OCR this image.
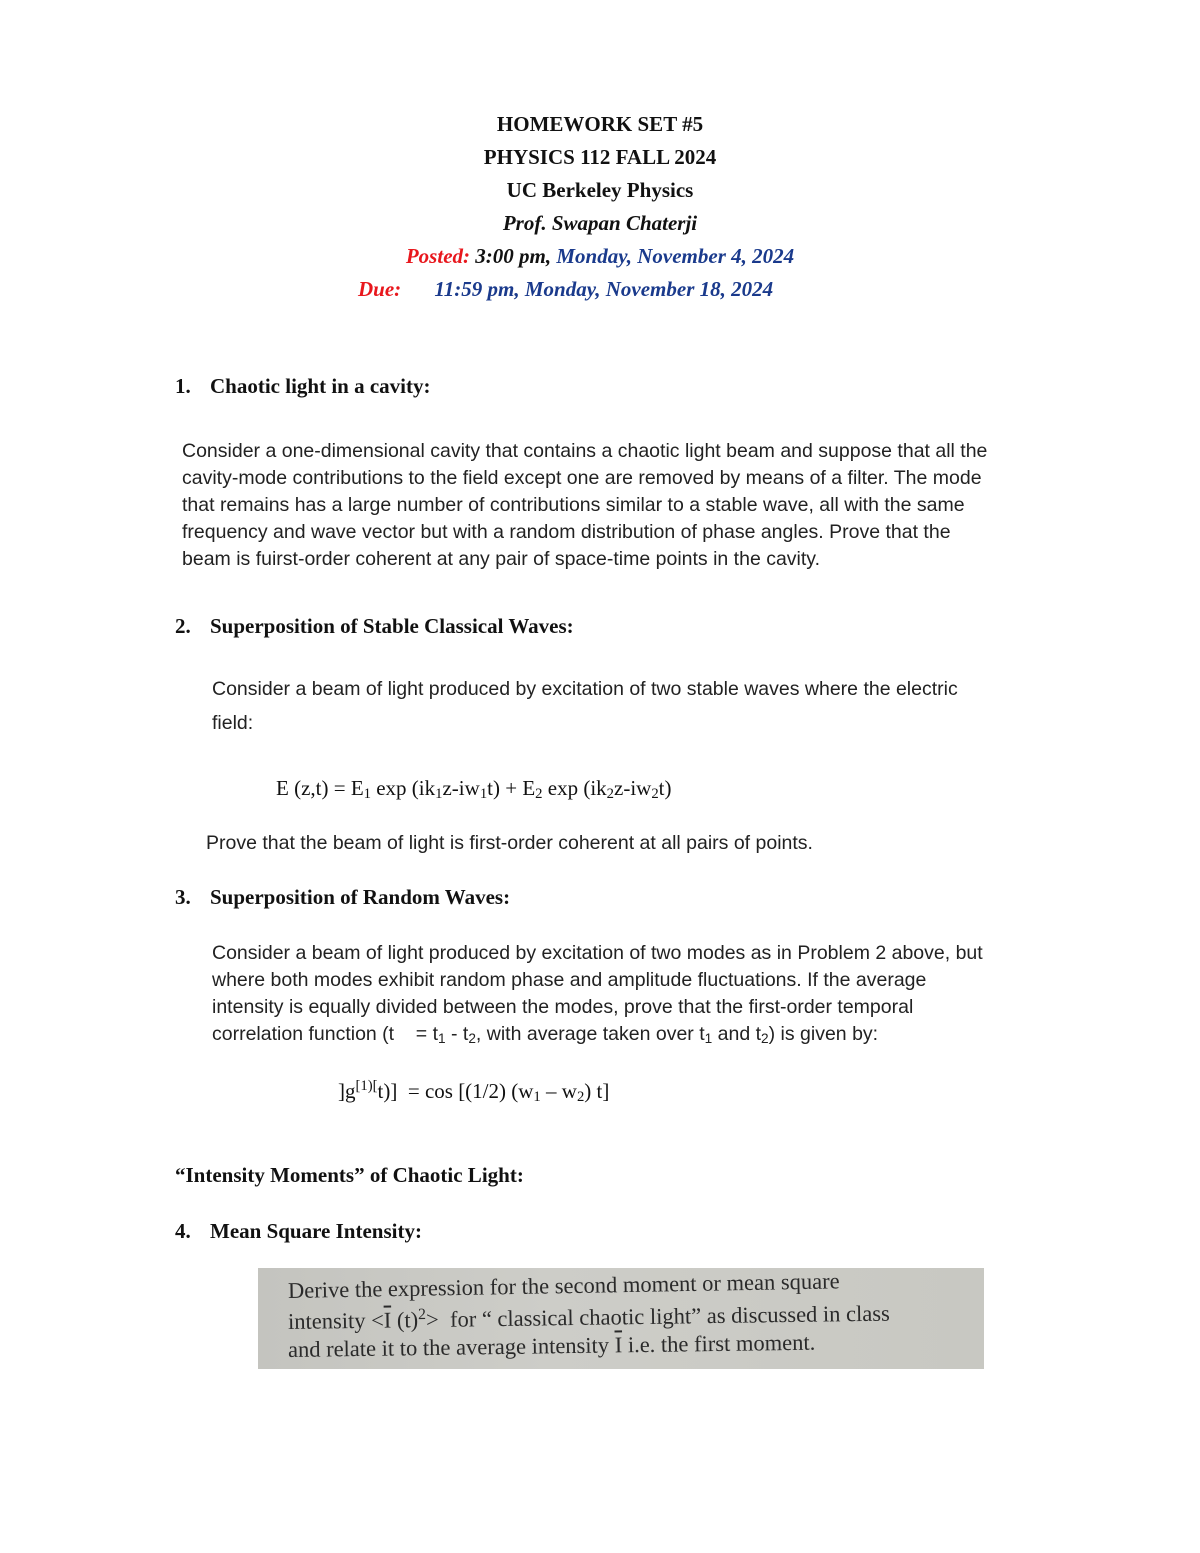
HOMEWORK SET #5
PHYSICS 112 FALL 2024
UC Berkeley Physics
Prof. Swapan Chaterji
Posted: 3:00 pm, Monday, November 4, 2024
Due: 11:59 pm, Monday, November 18, 2024
1. Chaotic light in a cavity:
Consider a one-dimensional cavity that contains a chaotic light beam and suppose that all the
cavity-mode contributions to the field except one are removed by means of a filter. The mode
that remains has a large number of contributions similar to a stable wave, all with the same
frequency and wave vector but with a random distribution of phase angles. Prove that the
beam is fuirst-order coherent at any pair of space-time points in the cavity.
2. Superposition of Stable Classical Waves:
Consider a beam of light produced by excitation of two stable waves where the electric
field:
E $(z,t) = E_1$ $\exp (ik_1z-iw_1t) + E_2$ $\exp (ik_2z-iw_2t)$
Prove that the beam of light is first-order coherent at all pairs of points.
3. Superposition of Random Waves:
Consider a beam of light produced by excitation of two modes as in Problem 2 above, but
where both modes exhibit random phase and amplitude fluctuations. If the average
intensity is equally divided between the modes, prove that the first-order temporal
correlation function (t    = $t_1 - t_2$, with average taken over $t_1$ and $t_2$) is given by:
]$g^{[1)[}t)] = \cos [(1/2)$ $(w_1 - w_2)$ t]
“Intensity Moments” of Chaotic Light:
4. Mean Square Intensity:
Derive the expression for the second moment or mean square
intensity $<\overline{I}$ $(t)^2>$  for “ classical chaotic light” as discussed in class
and relate it to the average intensity $\overline{I}$ i.e. the first moment.
